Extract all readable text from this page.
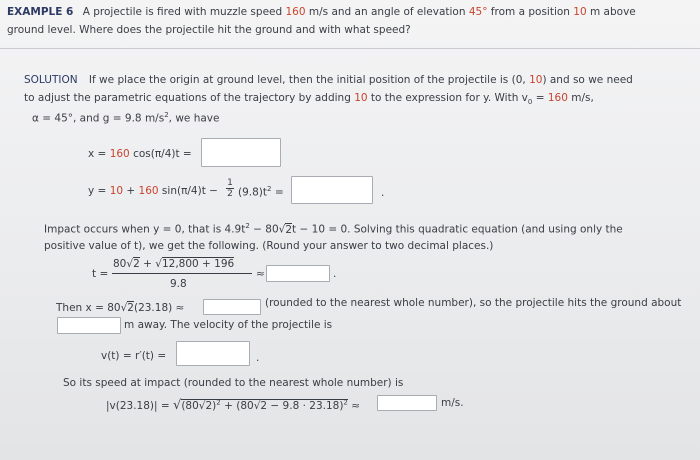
EXAMPLE 6 A projectile is fired with muzzle speed 160 m/s and an angle of elevation 45° from a position 10 m above
ground level. Where does the projectile hit the ground and with what speed?
SOLUTION If we place the origin at ground level, then the initial position of the projectile is (0, 10) and so we need
to adjust the parametric equations of the trajectory by adding 10 to the expression for y. With $v_0 = 160$ m/s,
α = 45°, and g = 9.8 $m/s^2$, we have
x = 160 cos(π/4)t =
y = 10 + 160 sin(π/4)t −
1
2 $(9.8)t^2$ =	.
Impact occurs when y = 0, that is $4.9t^2 - 80√2t - 10 = 0$. Solving this quadratic equation (and using only the
positive value of t), we get the following. (Round your answer to two decimal places.)
t =
80√2 + √12,800 + 196
9.8
≈	.
Then x = 80√2(23.18) ≈	(rounded to the nearest whole number), so the projectile hits the ground about
m away. The velocity of the projectile is
v(t) = r′(t) =	.
So its speed at impact (rounded to the nearest whole number) is
$|v(23.18)| = √(80√2)^2 + (80√2 - 9.8 \cdot 23.18)^2$ ≈	m/s.
